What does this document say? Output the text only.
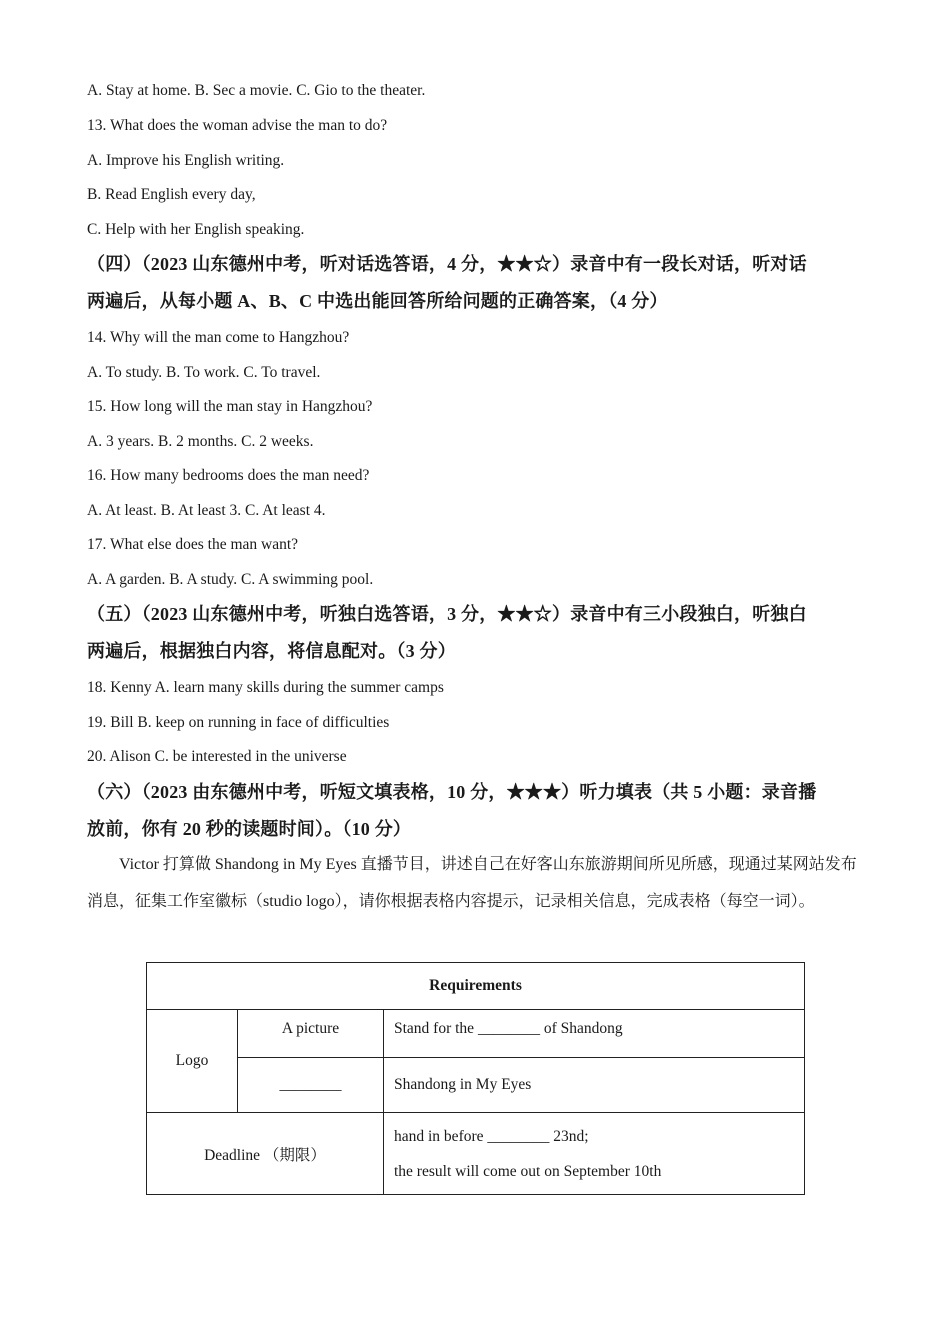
A. Stay at home. B. Sec a movie. C. Gio to the theater.
13. What does the woman advise the man to do?
A. Improve his English writing.
B. Read English every day,
C. Help with her English speaking.
（四）（2023 山东德州中考，听对话选答语，4 分，★★☆）录音中有一段长对话，听对话
两遍后，从每小题 A、B、C 中选出能回答所给问题的正确答案，（4 分）
14. Why will the man come to Hangzhou?
A. To study. B. To work. C. To travel.
15. How long will the man stay in Hangzhou?
A. 3 years. B. 2 months. C. 2 weeks.
16. How many bedrooms does the man need?
A. At least. B. At least 3. C. At least 4.
17. What else does the man want?
A. A garden. B. A study. C. A swimming pool.
（五）（2023 山东德州中考，听独白选答语，3 分，★★☆）录音中有三小段独白，听独白
两遍后，根据独白内容，将信息配对。（3 分）
18. Kenny A. learn many skills during the summer camps
19. Bill B. keep on running in face of difficulties
20. Alison C. be interested in the universe
（六）（2023 由东德州中考，听短文填表格，10 分，★★★）听力填表（共 5 小题：录音播
放前，你有 20 秒的读题时间）。（10 分）

Victor 打算做 Shandong in My Eyes 直播节目，讲述自己在好客山东旅游期间所见所感，现通过某网站发布消息，征集工作室徽标（studio logo），请你根据表格内容提示，记录相关信息，完成表格（每空一词）。

Requirements		
Logo	A picture	Stand for the ________ of Shandong
	________	Shandong in My Eyes
Deadline （期限）		hand in before ________ 23nd;
the result will come out on September 10th
